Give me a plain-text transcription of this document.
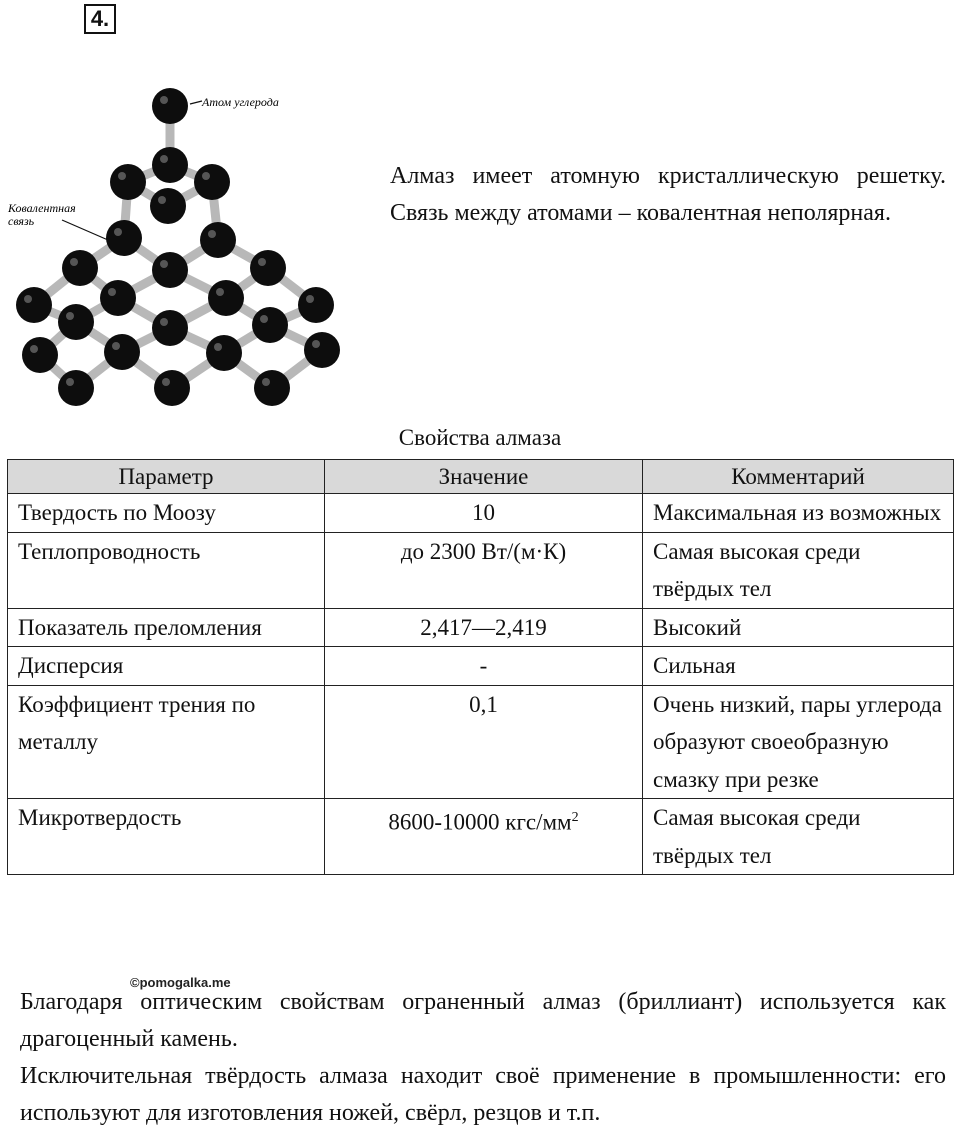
4.
Атом углерода
Ковалентная
связь
Алмаз имеет атомную кристаллическую решетку. Связь между атомами – ковалентная неполярная.
Свойства алмаза
Параметр	Значение	Комментарий
Твердость по Моозу	10	Максимальная из возможных
Теплопроводность	до 2300 Вт/(м·К)	Самая высокая среди твёрдых тел
Показатель преломления	2,417—2,419	Высокий
Дисперсия	-	Сильная
Коэффициент трения по металлу	0,1	Очень низкий, пары углерода образуют своеобразную смазку при резке
Микротвердость	8600-10000 кгс/$мм^2$	Самая высокая среди твёрдых тел
©pomogalka.me

Благодаря оптическим свойствам ограненный алмаз (бриллиант) используется как драгоценный камень.

Исключительная твёрдость алмаза находит своё применение в промышленности: его используют для изготовления ножей, свёрл, резцов и т.п.
